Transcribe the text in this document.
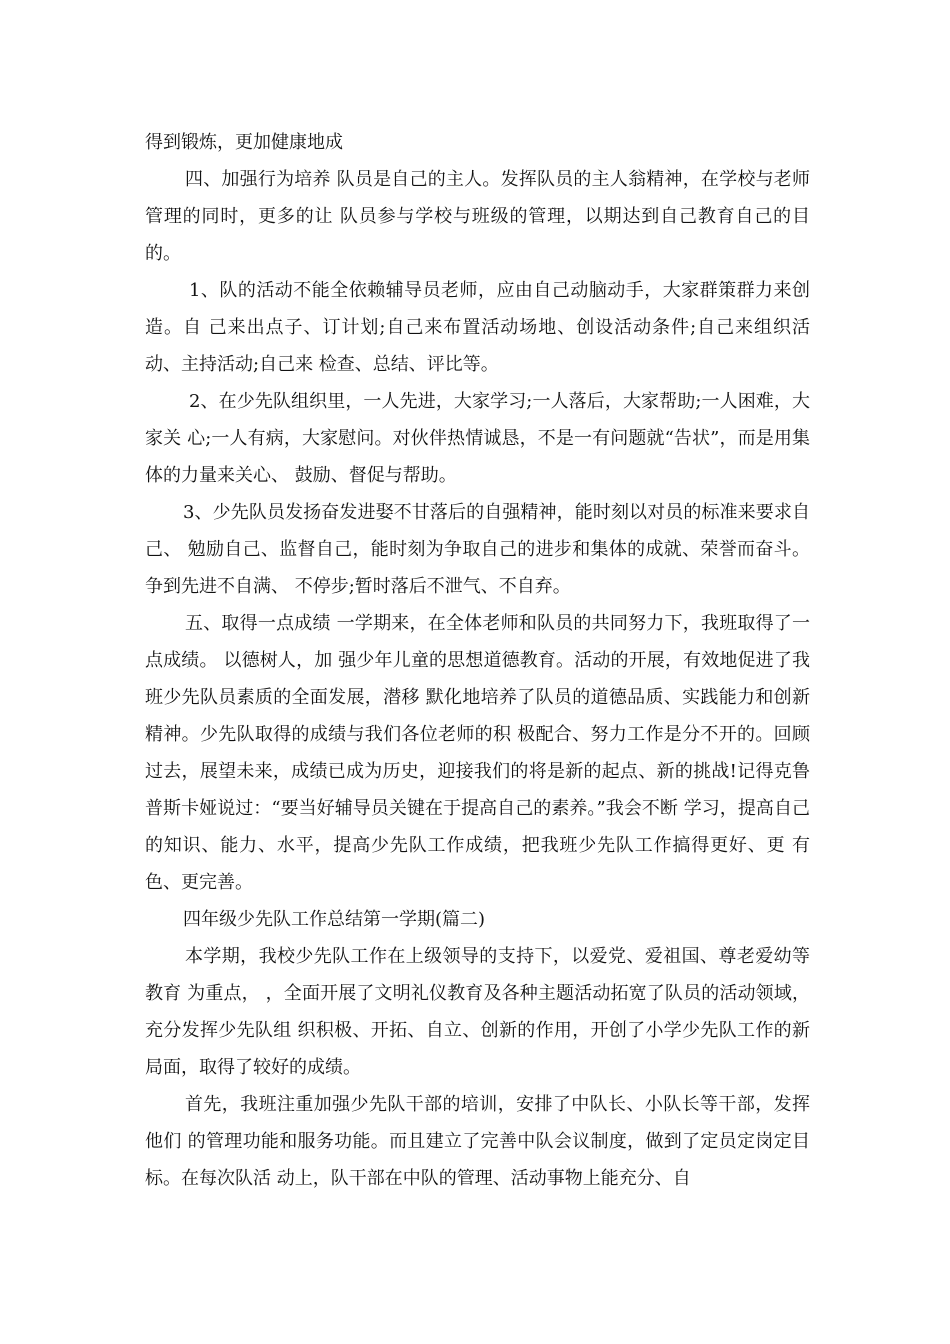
得到锻炼，更加健康地成

四、加强行为培养 队员是自己的主人。发挥队员的主人翁精神，在学校与老师管理的同时，更多的让 队员参与学校与班级的管理，以期达到自己教育自己的目的。

1、队的活动不能全依赖辅导员老师，应由自己动脑动手，大家群策群力来创造。自 己来出点子、订计划;自己来布置活动场地、创设活动条件;自己来组织活动、主持活动;自己来 检查、总结、评比等。

2、在少先队组织里，一人先进，大家学习;一人落后，大家帮助;一人困难，大家关 心;一人有病，大家慰问。对伙伴热情诚恳，不是一有问题就“告状”，而是用集体的力量来关心、 鼓励、督促与帮助。

3、少先队员发扬奋发进娶不甘落后的自强精神，能时刻以对员的标准来要求自己、 勉励自己、监督自己，能时刻为争取自己的进步和集体的成就、荣誉而奋斗。争到先进不自满、 不停步;暂时落后不泄气、不自弃。

五、取得一点成绩 一学期来，在全体老师和队员的共同努力下，我班取得了一点成绩。 以德树人，加 强少年儿童的思想道德教育。活动的开展，有效地促进了我班少先队员素质的全面发展，潜移 默化地培养了队员的道德品质、实践能力和创新精神。少先队取得的成绩与我们各位老师的积 极配合、努力工作是分不开的。回顾过去，展望未来，成绩已成为历史，迎接我们的将是新的起点、新的挑战!记得克鲁普斯卡娅说过：“要当好辅导员关键在于提高自己的素养。”我会不断 学习，提高自己的知识、能力、水平，提高少先队工作成绩，把我班少先队工作搞得更好、更 有色、更完善。

四年级少先队工作总结第一学期(篇二)

本学期，我校少先队工作在上级领导的支持下，以爱党、爱祖国、尊老爱幼等教育 为重点， ，全面开展了文明礼仪教育及各种主题活动拓宽了队员的活动领域，充分发挥少先队组 织积极、开拓、自立、创新的作用，开创了小学少先队工作的新局面，取得了较好的成绩。

首先，我班注重加强少先队干部的培训，安排了中队长、小队长等干部，发挥他们 的管理功能和服务功能。而且建立了完善中队会议制度，做到了定员定岗定目标。在每次队活 动上，队干部在中队的管理、活动事物上能充分、自
